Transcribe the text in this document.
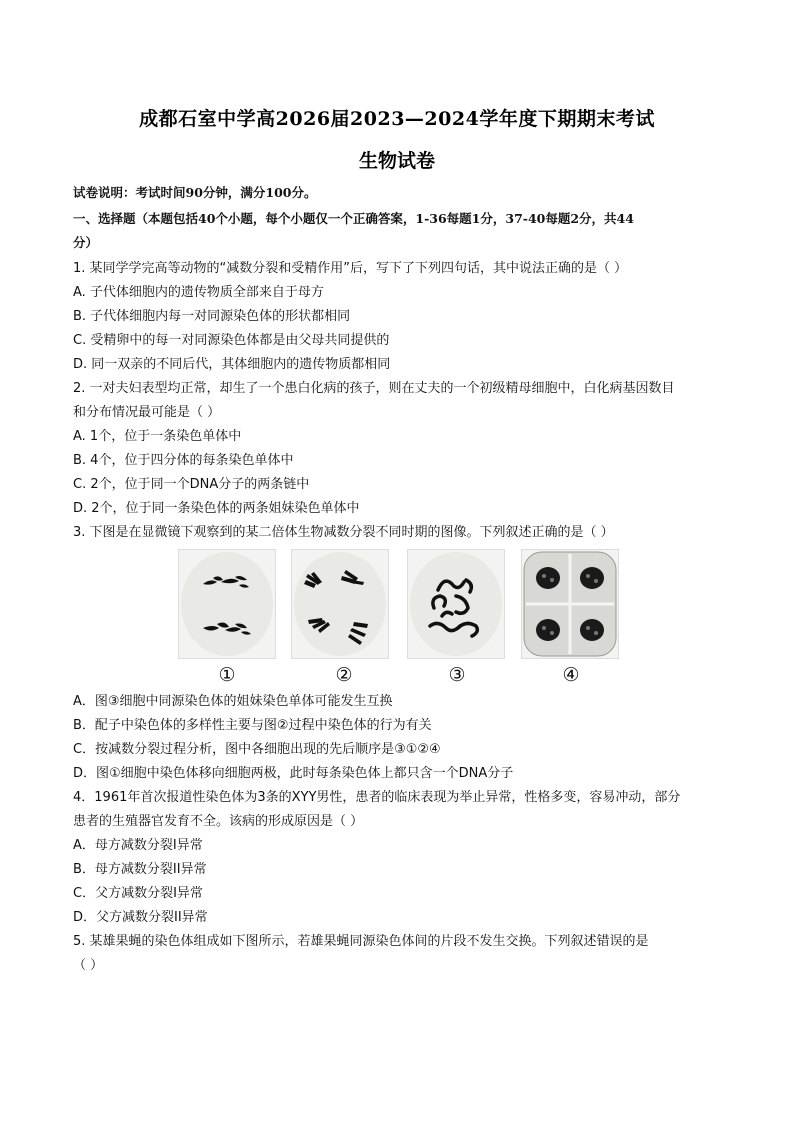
成都石室中学高2026届2023—2024学年度下期期末考试
生物试卷
试卷说明：考试时间90分钟，满分100分。
一、选择题（本题包括40个小题，每个小题仅一个正确答案，1-36每题1分，37-40每题2分，共44
分）
1. 某同学学完高等动物的“减数分裂和受精作用”后，写下了下列四句话，其中说法正确的是（ ）
A. 子代体细胞内的遗传物质全部来自于母方
B. 子代体细胞内每一对同源染色体的形状都相同
C. 受精卵中的每一对同源染色体都是由父母共同提供的
D. 同一双亲的不同后代，其体细胞内的遗传物质都相同
2. 一对夫妇表型均正常，却生了一个患白化病的孩子，则在丈夫的一个初级精母细胞中，白化病基因数目
和分布情况最可能是（ ）
A. 1个，位于一条染色单体中
B. 4个，位于四分体的每条染色单体中
C. 2个，位于同一个DNA分子的两条链中
D. 2个，位于同一条染色体的两条姐妹染色单体中
3. 下图是在显微镜下观察到的某二倍体生物减数分裂不同时期的图像。下列叙述正确的是（ ）
①	②	③	④
A．图③细胞中同源染色体的姐妹染色单体可能发生互换
B．配子中染色体的多样性主要与图②过程中染色体的行为有关
C．按减数分裂过程分析，图中各细胞出现的先后顺序是③①②④
D．图①细胞中染色体移向细胞两极，此时每条染色体上都只含一个DNA分子
4．1961年首次报道性染色体为3条的XYY男性，患者的临床表现为举止异常，性格多变，容易冲动，部分
患者的生殖器官发育不全。该病的形成原因是（ ）
A．母方减数分裂I异常
B．母方减数分裂II异常
C．父方减数分裂I异常
D．父方减数分裂II异常
5. 某雄果蝇的染色体组成如下图所示，若雄果蝇同源染色体间的片段不发生交换。下列叙述错误的是
（ ）
